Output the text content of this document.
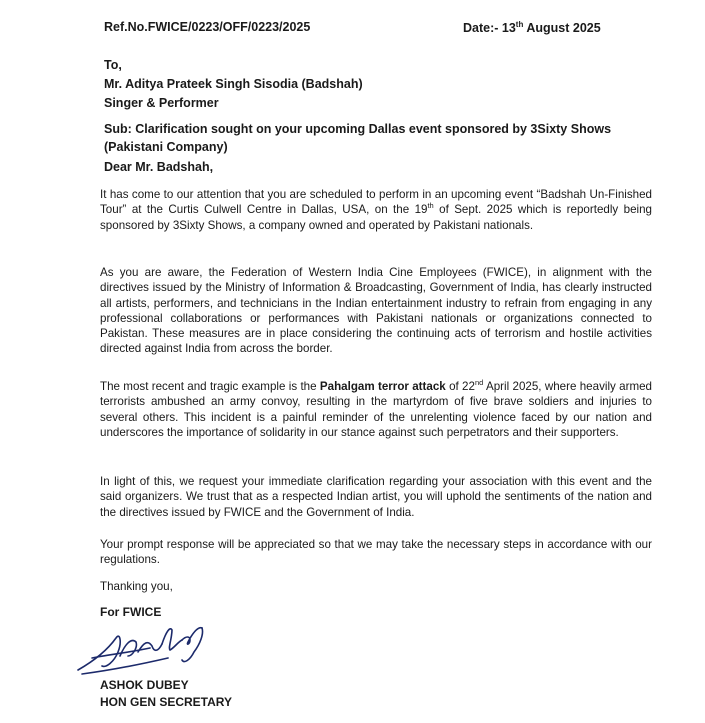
Ref.No.FWICE/0223/OFF/0223/2025	Date:- 13th August 2025
To,
Mr. Aditya Prateek Singh Sisodia (Badshah)
Singer & Performer
Sub: Clarification sought on your upcoming Dallas event sponsored by 3Sixty Shows (Pakistani Company)
Dear Mr. Badshah,
It has come to our attention that you are scheduled to perform in an upcoming event “Badshah Un-Finished Tour” at the Curtis Culwell Centre in Dallas, USA, on the 19th of Sept. 2025 which is reportedly being sponsored by 3Sixty Shows, a company owned and operated by Pakistani nationals.
As you are aware, the Federation of Western India Cine Employees (FWICE), in alignment with the directives issued by the Ministry of Information & Broadcasting, Government of India, has clearly instructed all artists, performers, and technicians in the Indian entertainment industry to refrain from engaging in any professional collaborations or performances with Pakistani nationals or organizations connected to Pakistan. These measures are in place considering the continuing acts of terrorism and hostile activities directed against India from across the border.
The most recent and tragic example is the Pahalgam terror attack of 22nd April 2025, where heavily armed terrorists ambushed an army convoy, resulting in the martyrdom of five brave soldiers and injuries to several others. This incident is a painful reminder of the unrelenting violence faced by our nation and underscores the importance of solidarity in our stance against such perpetrators and their supporters.
In light of this, we request your immediate clarification regarding your association with this event and the said organizers. We trust that as a respected Indian artist, you will uphold the sentiments of the nation and the directives issued by FWICE and the Government of India.
Your prompt response will be appreciated so that we may take the necessary steps in accordance with our regulations.
Thanking you,
For FWICE
ASHOK DUBEY
HON GEN SECRETARY
